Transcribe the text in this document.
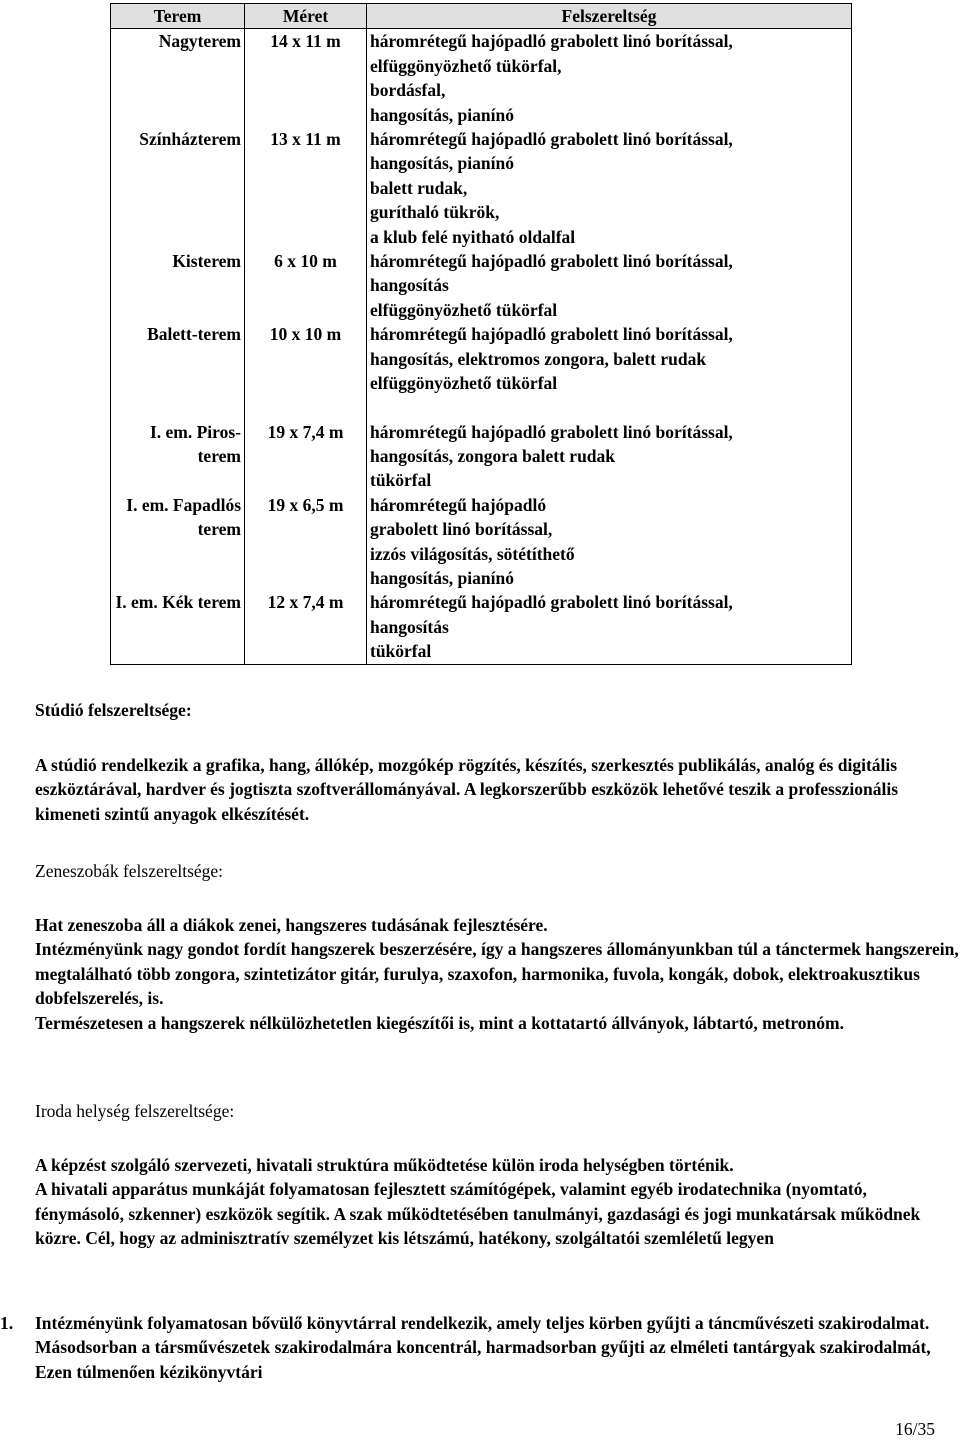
Terem	Méret	Felszereltség

Nagyterem	14 x 11 m	háromrétegű hajópadló grabolett linó borítással,
elfüggönyözhető tükörfal,
bordásfal,
hangosítás, pianínó

Színházterem	13 x 11 m	háromrétegű hajópadló grabolett linó borítással,
hangosítás, pianínó
balett rudak,
guríthaló tükrök,
a klub felé nyitható oldalfal

Kisterem	6 x 10 m	háromrétegű hajópadló grabolett linó borítással,
hangosítás
elfüggönyözhető tükörfal

Balett-terem	10 x 10 m	háromrétegű hajópadló grabolett linó borítással,
hangosítás, elektromos zongora, balett rudak
elfüggönyözhető tükörfal

I. em. Piros-terem	19 x 7,4 m	háromrétegű hajópadló grabolett linó borítással,
hangosítás, zongora balett rudak
tükörfal

I. em. Fapadlós
terem	19 x 6,5 m	háromrétegű hajópadló
grabolett linó borítással,
izzós világosítás, sötétíthető
hangosítás, pianínó

I. em. Kék terem	12 x 7,4 m	háromrétegű hajópadló grabolett linó borítással,
hangosítás
tükörfal
Stúdió felszereltsége:

A stúdió rendelkezik a grafika, hang, állókép, mozgókép rögzítés, készítés, szerkesztés publikálás, analóg és digitális eszköztárával, hardver és jogtiszta szoftverállományával. A legkorszerűbb eszközök lehetővé teszik a professzionális kimeneti szintű anyagok elkészítését.

Zeneszobák felszereltsége:

Hat zeneszoba áll a diákok zenei, hangszeres tudásának fejlesztésére.

Intézményünk nagy gondot fordít hangszerek beszerzésére, így a hangszeres állományunkban túl a tánctermek hangszerein, megtalálható több zongora, szintetizátor gitár, furulya, szaxofon, harmonika, fuvola, kongák, dobok, elektroakusztikus dobfelszerelés, is.

Természetesen a hangszerek nélkülözhetetlen kiegészítői is, mint a kottatartó állványok, lábtartó, metronóm.

Iroda helység felszereltsége:

A képzést szolgáló szervezeti, hivatali struktúra működtetése külön iroda helységben történik.

A hivatali apparátus munkáját folyamatosan fejlesztett számítógépek, valamint egyéb irodatechnika (nyomtató, fénymásoló, szkenner) eszközök segítik. A szak működtetésében tanulmányi, gazdasági és jogi munkatársak működnek közre. Cél, hogy az adminisztratív személyzet kis létszámú, hatékony, szolgáltatói szemléletű legyen

1. Intézményünk folyamatosan bővülő könyvtárral rendelkezik, amely teljes körben gyűjti a táncművészeti szakirodalmat. Másodsorban a társművészetek szakirodalmára koncentrál, harmadsorban gyűjti az elméleti tantárgyak szakirodalmát, Ezen túlmenően kézikönyvtári

16/35
